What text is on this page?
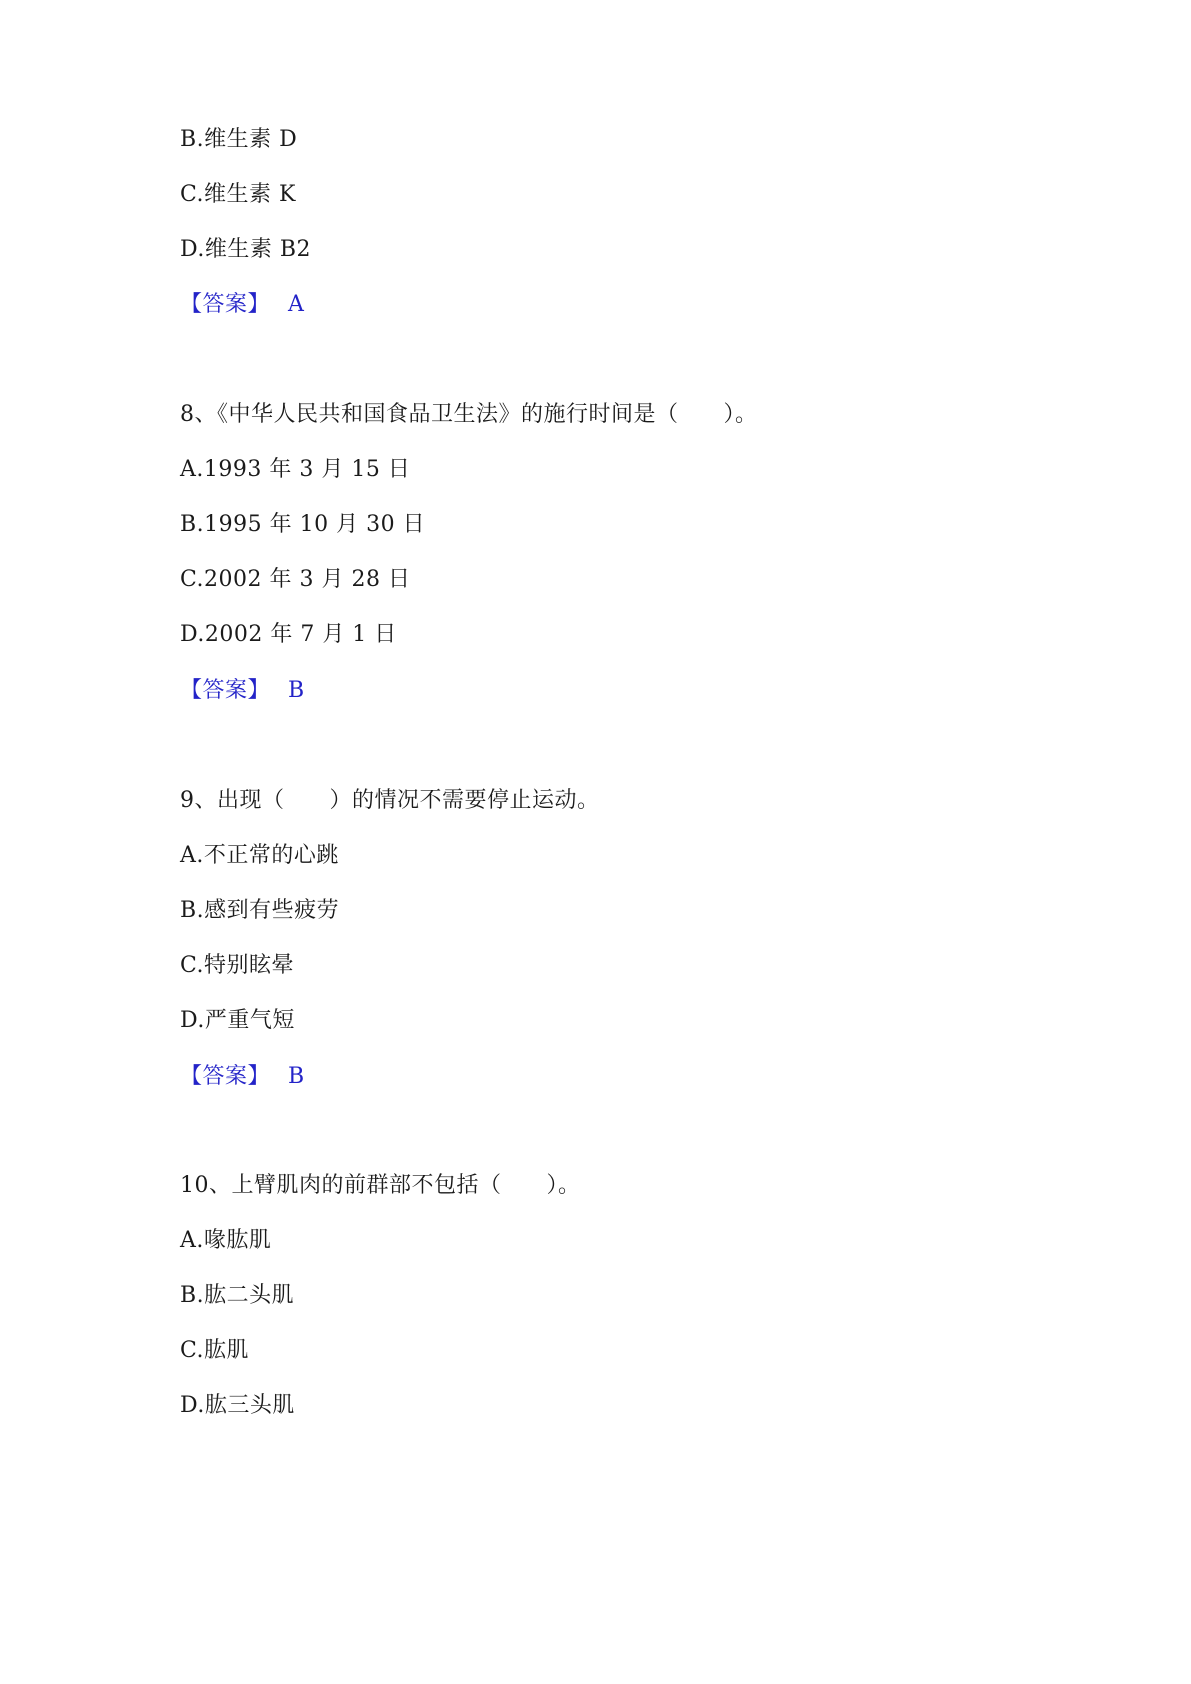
B.维生素 D
C.维生素 K
D.维生素 B2
【答案】 A
8、《中华人民共和国食品卫生法》的施行时间是（　　）。
A.1993 年 3 月 15 日
B.1995 年 10 月 30 日
C.2002 年 3 月 28 日
D.2002 年 7 月 1 日
【答案】 B
9、出现（　　）的情况不需要停止运动。
A.不正常的心跳
B.感到有些疲劳
C.特别眩晕
D.严重气短
【答案】 B
10、上臂肌肉的前群部不包括（　　）。
A.喙肱肌
B.肱二头肌
C.肱肌
D.肱三头肌
